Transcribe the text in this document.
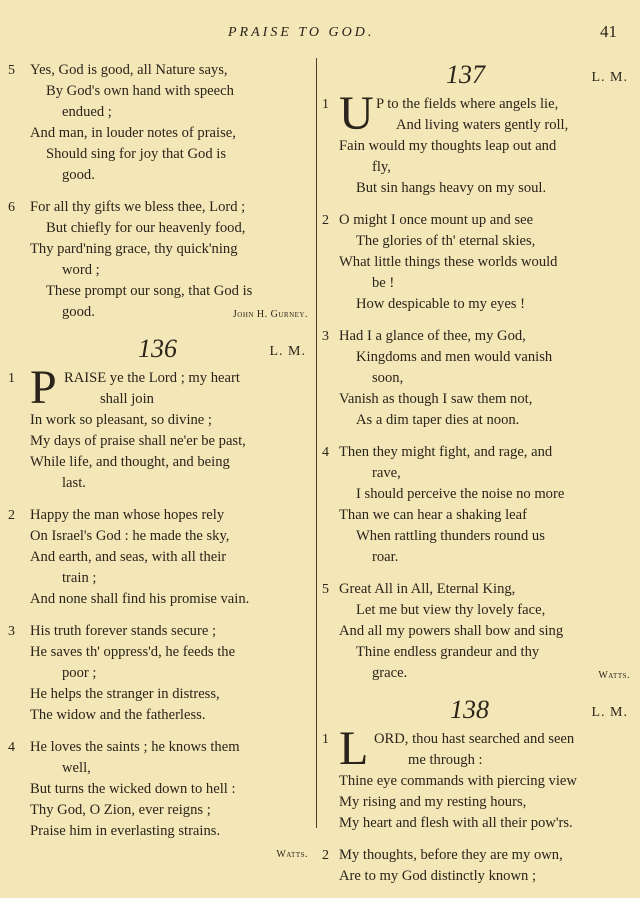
PRAISE TO GOD.	41
5 Yes, God is good, all Nature says,
By God's own hand with speech
endued ;
And man, in louder notes of praise,
Should sing for joy that God is
good.
6 For all thy gifts we bless thee, Lord ;
But chiefly for our heavenly food,
Thy pard'ning grace, thy quick'ning
word ;
These prompt our song, that God is
good.	John H. Gurney.
136	L. M.
1 P RAISE ye the Lord ; my heart
shall join
In work so pleasant, so divine ;
My days of praise shall ne'er be past,
While life, and thought, and being
last.
2 Happy the man whose hopes rely
On Israel's God : he made the sky,
And earth, and seas, with all their
train ;
And none shall find his promise vain.
3 His truth forever stands secure ;
He saves th' oppress'd, he feeds the
poor ;
He helps the stranger in distress,
The widow and the fatherless.
4 He loves the saints ; he knows them
well,
But turns the wicked down to hell :
Thy God, O Zion, ever reigns ;
Praise him in everlasting strains.
Watts.
137	L. M.
1 U P to the fields where angels lie,
And living waters gently roll,
Fain would my thoughts leap out and
fly,
But sin hangs heavy on my soul.
2 O might I once mount up and see
The glories of th' eternal skies,
What little things these worlds would
be !
How despicable to my eyes !
3 Had I a glance of thee, my God,
Kingdoms and men would vanish
soon,
Vanish as though I saw them not,
As a dim taper dies at noon.
4 Then they might fight, and rage, and
rave,
I should perceive the noise no more
Than we can hear a shaking leaf
When rattling thunders round us
roar.
5 Great All in All, Eternal King,
Let me but view thy lovely face,
And all my powers shall bow and sing
Thine endless grandeur and thy
grace.	Watts.
138	L. M.
1 L ORD, thou hast searched and seen
me through :
Thine eye commands with piercing view
My rising and my resting hours,
My heart and flesh with all their pow'rs.
2 My thoughts, before they are my own,
Are to my God distinctly known ;
